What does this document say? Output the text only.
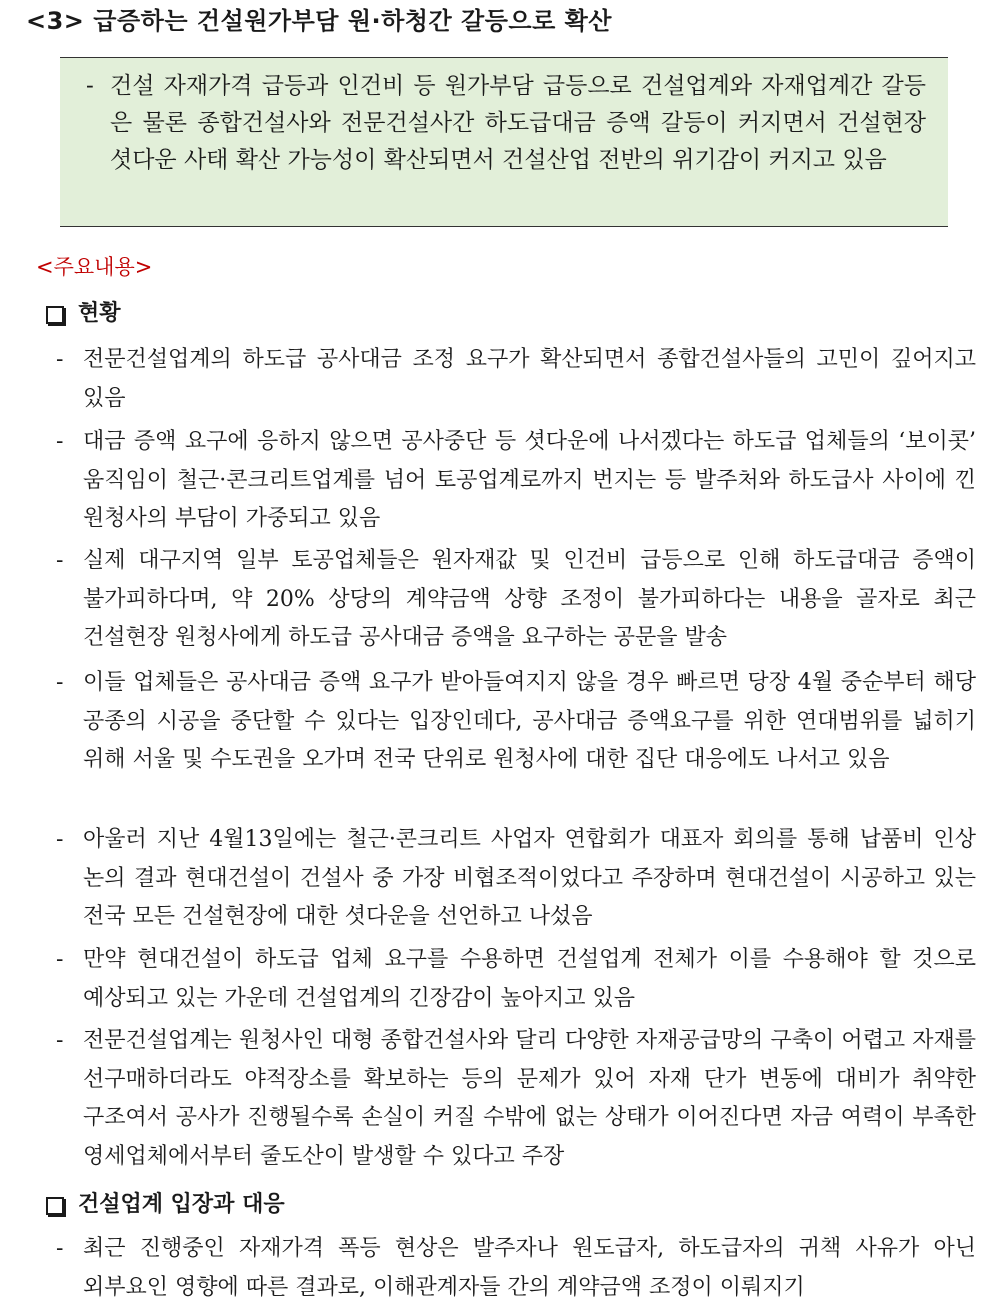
<3> 급증하는 건설원가부담 원·하청간 갈등으로 확산
- 건설 자재가격 급등과 인건비 등 원가부담 급등으로 건설업계와 자재업계간 갈등은 물론 종합건설사와 전문건설사간 하도급대금 증액 갈등이 커지면서 건설현장 셧다운 사태 확산 가능성이 확산되면서 건설산업 전반의 위기감이 커지고 있음
<주요내용>
현황
- 전문건설업계의 하도급 공사대금 조정 요구가 확산되면서 종합건설사들의 고민이 깊어지고 있음
- 대금 증액 요구에 응하지 않으면 공사중단 등 셧다운에 나서겠다는 하도급 업체들의 ‘보이콧’ 움직임이 철근·콘크리트업계를 넘어 토공업계로까지 번지는 등 발주처와 하도급사 사이에 낀 원청사의 부담이 가중되고 있음
- 실제 대구지역 일부 토공업체들은 원자재값 및 인건비 급등으로 인해 하도급대금 증액이 불가피하다며, 약 20% 상당의 계약금액 상향 조정이 불가피하다는 내용을 골자로 최근 건설현장 원청사에게 하도급 공사대금 증액을 요구하는 공문을 발송
- 이들 업체들은 공사대금 증액 요구가 받아들여지지 않을 경우 빠르면 당장 4월 중순부터 해당 공종의 시공을 중단할 수 있다는 입장인데다, 공사대금 증액요구를 위한 연대범위를 넓히기 위해 서울 및 수도권을 오가며 전국 단위로 원청사에 대한 집단 대응에도 나서고 있음
- 아울러 지난 4월13일에는 철근·콘크리트 사업자 연합회가 대표자 회의를 통해 납품비 인상 논의 결과 현대건설이 건설사 중 가장 비협조적이었다고 주장하며 현대건설이 시공하고 있는 전국 모든 건설현장에 대한 셧다운을 선언하고 나섰음
- 만약 현대건설이 하도급 업체 요구를 수용하면 건설업계 전체가 이를 수용해야 할 것으로 예상되고 있는 가운데 건설업계의 긴장감이 높아지고 있음
- 전문건설업계는 원청사인 대형 종합건설사와 달리 다양한 자재공급망의 구축이 어렵고 자재를 선구매하더라도 야적장소를 확보하는 등의 문제가 있어 자재 단가 변동에 대비가 취약한 구조여서 공사가 진행될수록 손실이 커질 수밖에 없는 상태가 이어진다면 자금 여력이 부족한 영세업체에서부터 줄도산이 발생할 수 있다고 주장
건설업계 입장과 대응
- 최근 진행중인 자재가격 폭등 현상은 발주자나 원도급자, 하도급자의 귀책 사유가 아닌 외부요인 영향에 따른 결과로, 이해관계자들 간의 계약금액 조정이 이뤄지기
